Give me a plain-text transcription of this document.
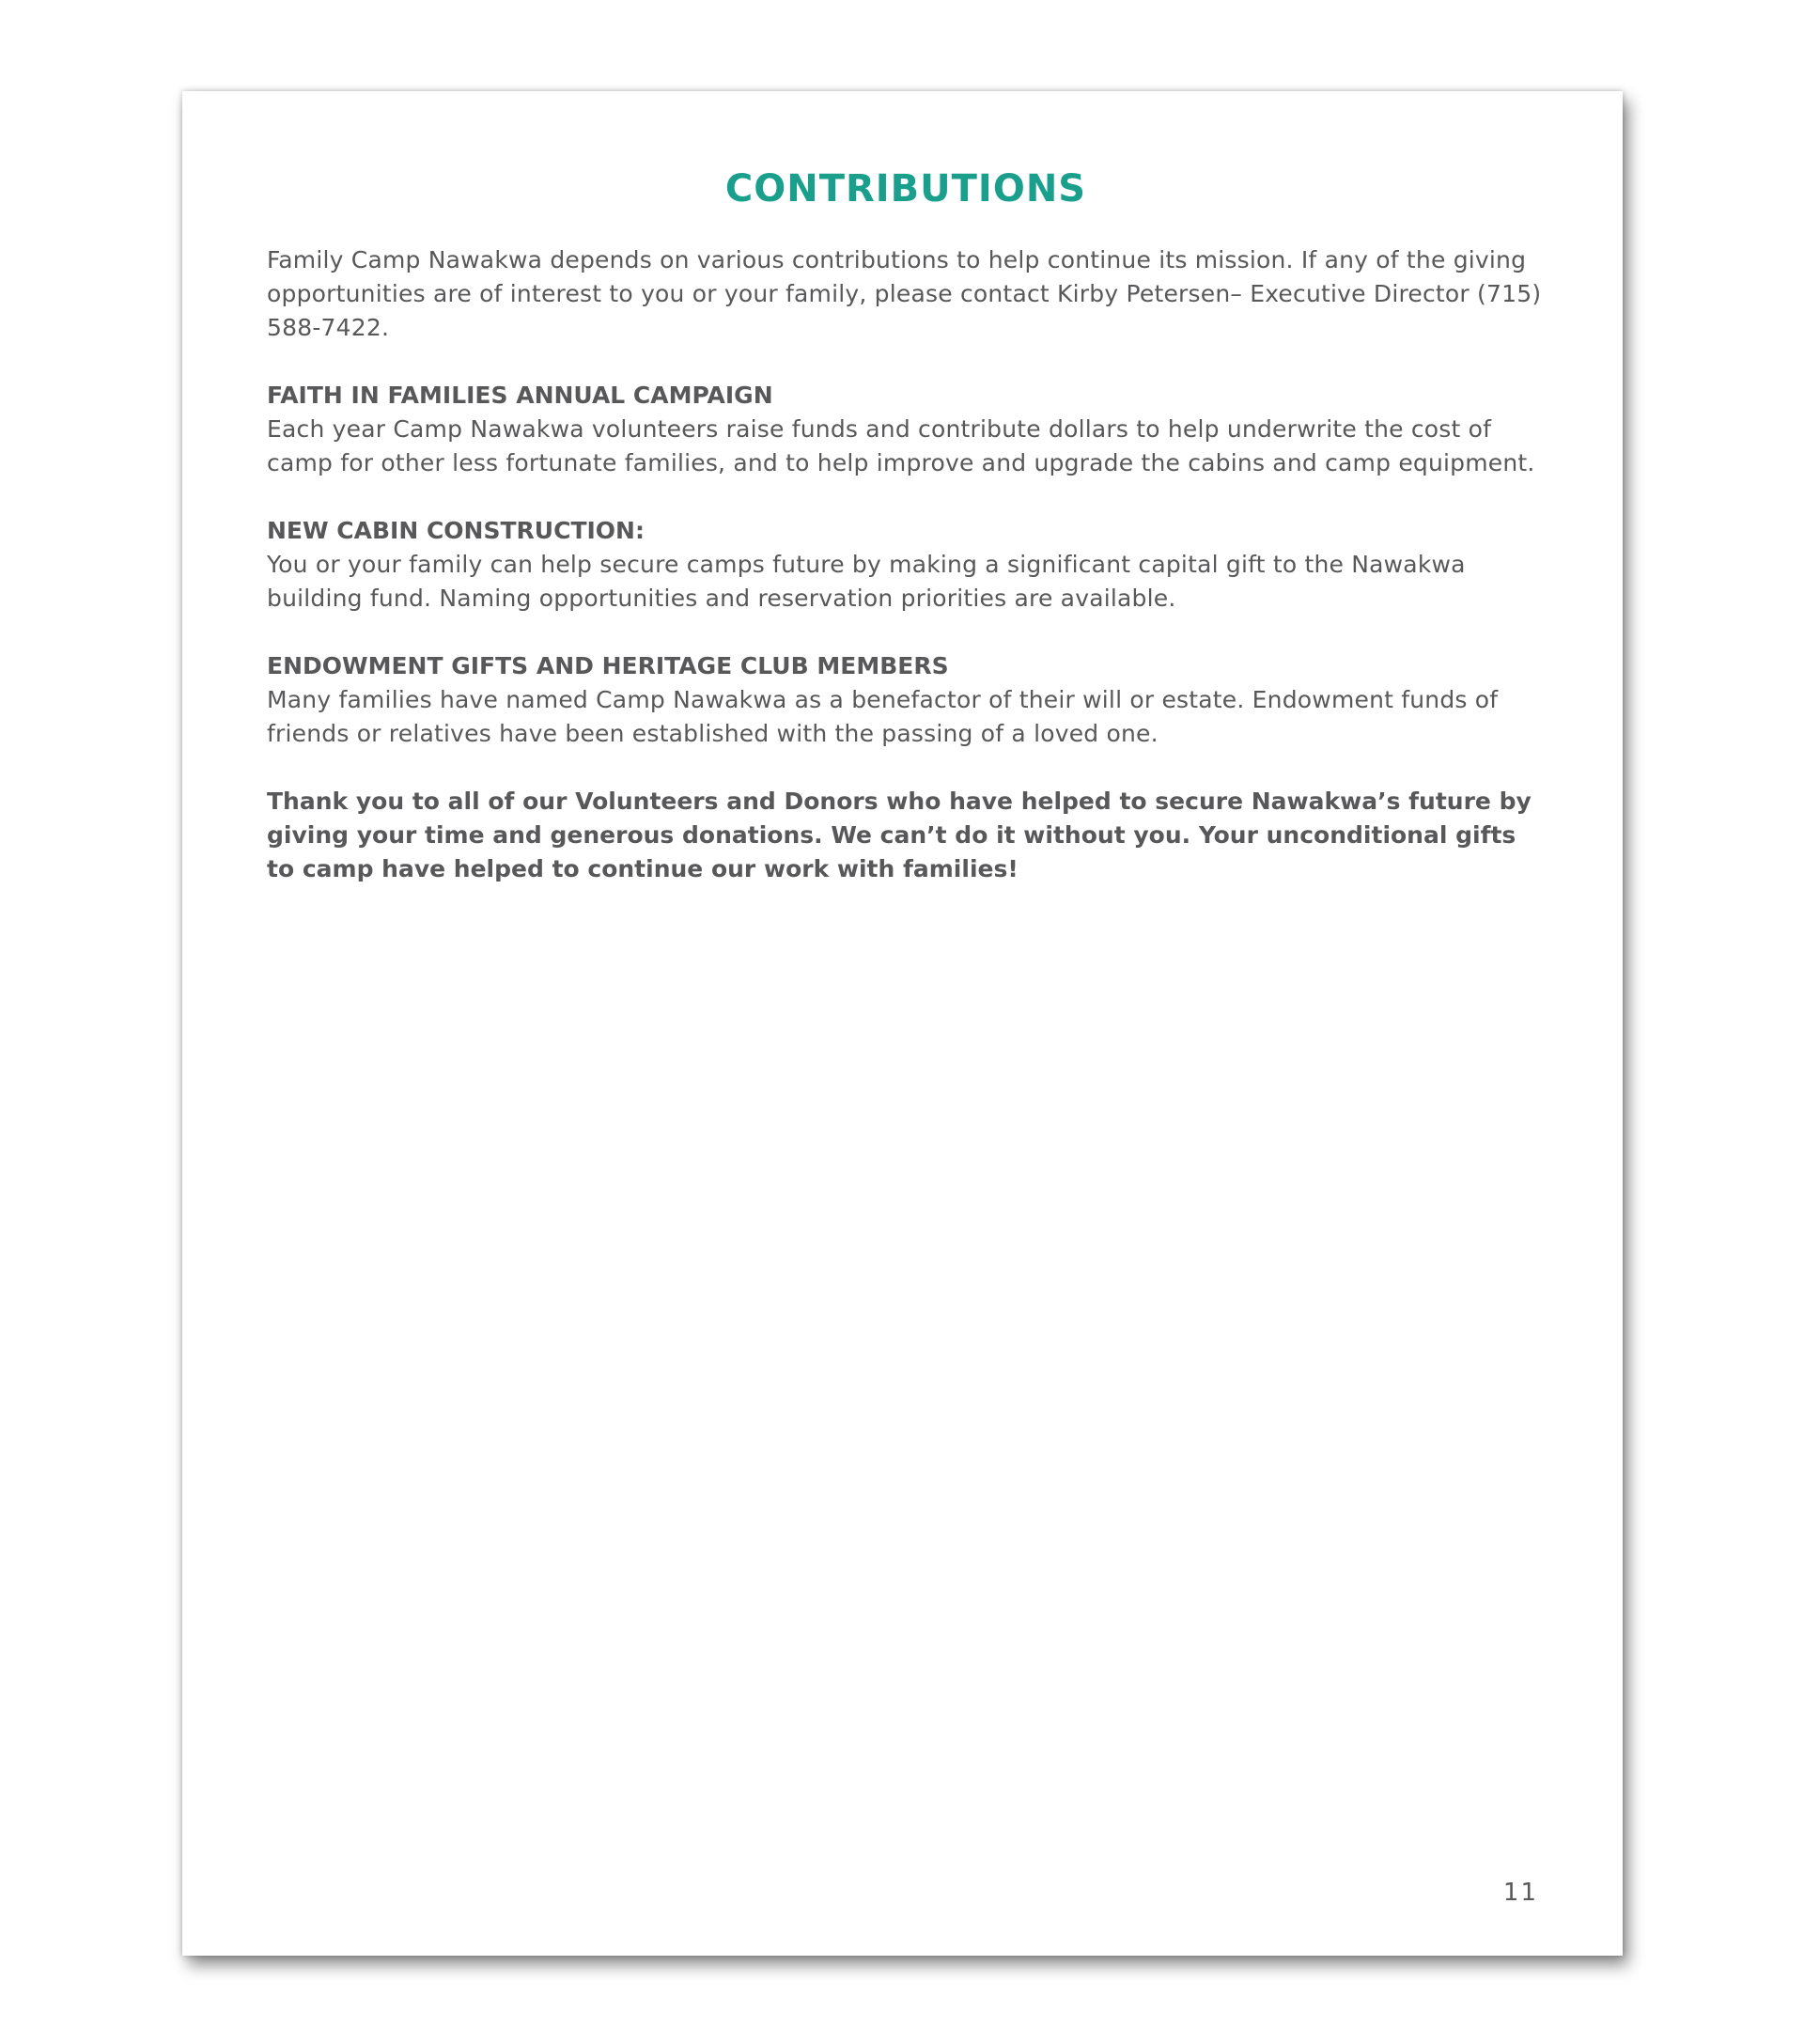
CONTRIBUTIONS

Family Camp Nawakwa depends on various contributions to help continue its mission. If any of the giving opportunities are of interest to you or your family, please contact Kirby Petersen– Executive Director (715) 588-7422.

FAITH IN FAMILIES ANNUAL CAMPAIGN

Each year Camp Nawakwa volunteers raise funds and contribute dollars to help underwrite the cost of camp for other less fortunate families, and to help improve and upgrade the cabins and camp equipment.

NEW CABIN CONSTRUCTION:

You or your family can help secure camps future by making a significant capital gift to the Nawakwa building fund. Naming opportunities and reservation priorities are available.

ENDOWMENT GIFTS AND HERITAGE CLUB MEMBERS

Many families have named Camp Nawakwa as a benefactor of their will or estate. Endowment funds of friends or relatives have been established with the passing of a loved one.

Thank you to all of our Volunteers and Donors who have helped to secure Nawakwa’s future by giving your time and generous donations. We can’t do it without you. Your unconditional gifts to camp have helped to continue our work with families!

11
